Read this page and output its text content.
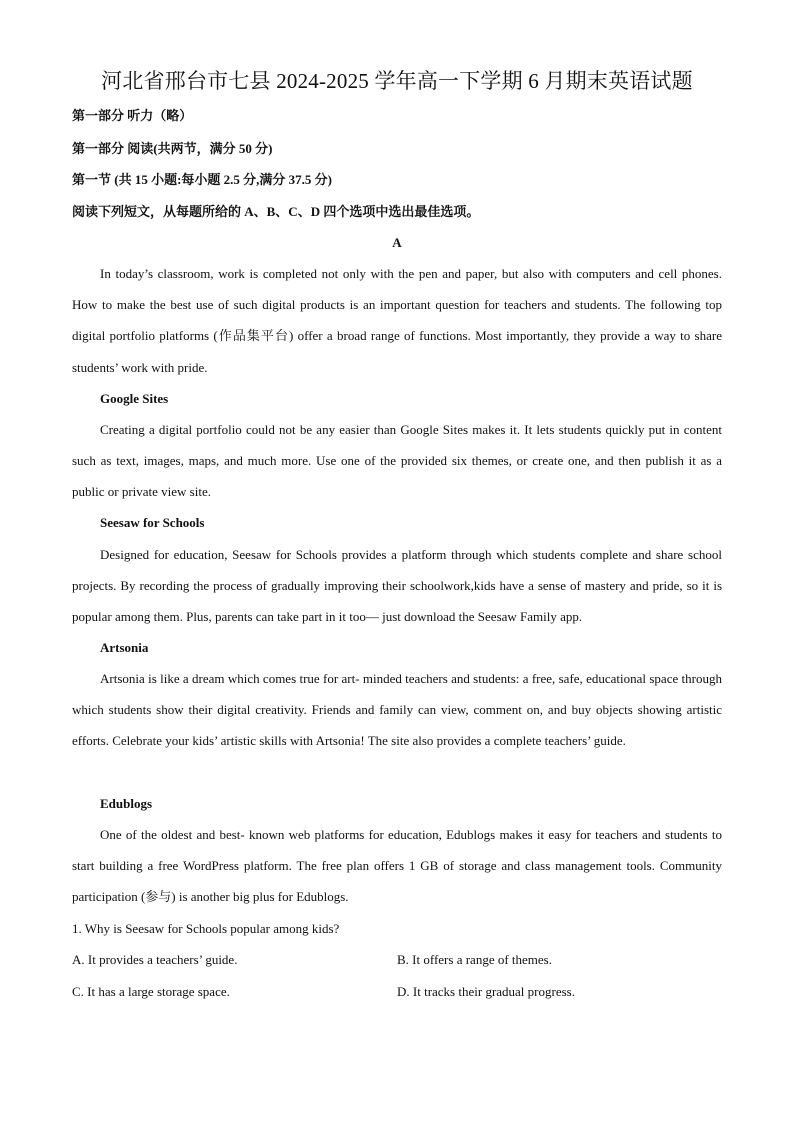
河北省邢台市七县 2024-2025 学年高一下学期 6 月期末英语试题
第一部分 听力（略）
第一部分 阅读(共两节，满分 50 分)
第一节 (共 15 小题:每小题 2.5 分,满分 37.5 分)
阅读下列短文，从每题所给的 A、B、C、D 四个选项中选出最佳选项。
A

In today’s classroom, work is completed not only with the pen and paper, but also with computers and cell phones. How to make the best use of such digital products is an important question for teachers and students. The following top digital portfolio platforms (作品集平台) offer a broad range of functions. Most importantly, they provide a way to share students’ work with pride.

Google Sites

Creating a digital portfolio could not be any easier than Google Sites makes it. It lets students quickly put in content such as text, images, maps, and much more. Use one of the provided six themes, or create one, and then publish it as a public or private view site.

Seesaw for Schools

Designed for education, Seesaw for Schools provides a platform through which students complete and share school projects. By recording the process of gradually improving their schoolwork,kids have a sense of mastery and pride, so it is popular among them. Plus, parents can take part in it too— just download the Seesaw Family app.

Artsonia

Artsonia is like a dream which comes true for art- minded teachers and students: a free, safe, educational space through which students show their digital creativity. Friends and family can view, comment on, and buy objects showing artistic efforts. Celebrate your kids’ artistic skills with Artsonia! The site also provides a complete teachers’ guide.

Edublogs

One of the oldest and best- known web platforms for education, Edublogs makes it easy for teachers and students to start building a free WordPress platform. The free plan offers 1 GB of storage and class management tools. Community participation (参与) is another big plus for Edublogs.

1. Why is Seesaw for Schools popular among kids?
A. It provides a teachers’ guide.	B. It offers a range of themes.
C. It has a large storage space.	D. It tracks their gradual progress.
